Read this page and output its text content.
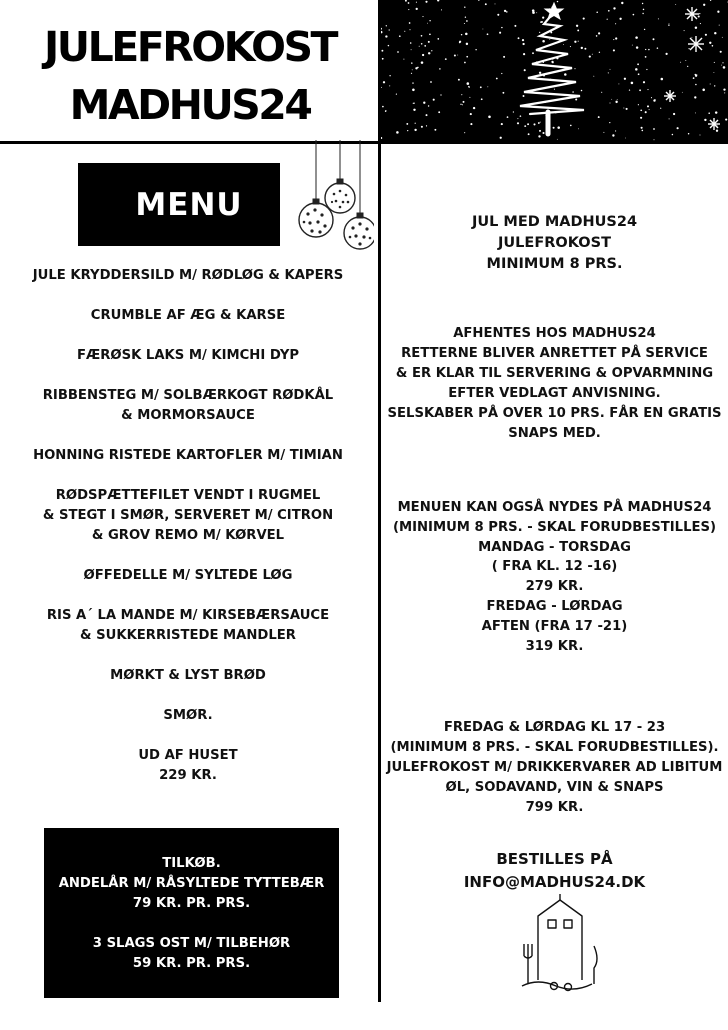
JULEFROKOST
MADHUS24
MENU
JULE KRYDDERSILD M/ RØDLØG & KAPERS
CRUMBLE AF ÆG & KARSE
FÆRØSK LAKS M/ KIMCHI DYP
RIBBENSTEG M/ SOLBÆRKOGT RØDKÅL
& MORMORSAUCE
HONNING RISTEDE KARTOFLER M/ TIMIAN
RØDSPÆTTEFILET VENDT I RUGMEL
& STEGT I SMØR, SERVERET M/ CITRON
& GROV REMO M/ KØRVEL
ØFFEDELLE M/ SYLTEDE LØG
RIS A´ LA MANDE M/ KIRSEBÆRSAUCE
& SUKKERRISTEDE MANDLER
MØRKT & LYST BRØD
SMØR.
UD AF HUSET
229 KR.
TILKØB.
ANDELÅR M/ RÅSYLTEDE TYTTEBÆR
79 KR. PR. PRS.
3 SLAGS OST M/ TILBEHØR
59 KR. PR. PRS.
JUL MED MADHUS24
JULEFROKOST
MINIMUM 8 PRS.
AFHENTES HOS MADHUS24
RETTERNE BLIVER ANRETTET PÅ SERVICE
& ER KLAR TIL SERVERING & OPVARMNING
EFTER VEDLAGT ANVISNING.
SELSKABER PÅ OVER 10 PRS. FÅR EN GRATIS
SNAPS MED.
MENUEN KAN OGSÅ NYDES PÅ MADHUS24
(MINIMUM 8 PRS. - SKAL FORUDBESTILLES)
MANDAG - TORSDAG
( FRA KL. 12 -16)
279 KR.
FREDAG - LØRDAG
AFTEN (FRA 17 -21)
319 KR.
FREDAG & LØRDAG KL 17 - 23
(MINIMUM 8 PRS. - SKAL FORUDBESTILLES).
JULEFROKOST M/ DRIKKERVARER AD LIBITUM
ØL, SODAVAND, VIN & SNAPS
799 KR.
BESTILLES PÅ
INFO@MADHUS24.DK
